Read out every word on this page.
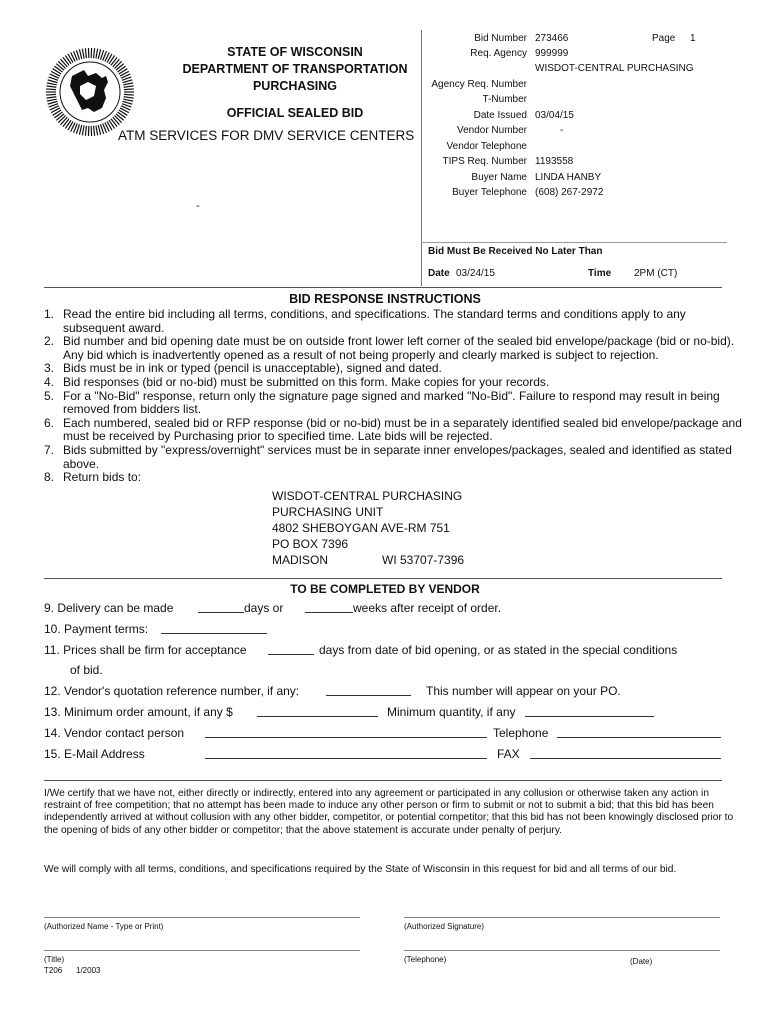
STATE OF WISCONSIN
DEPARTMENT OF TRANSPORTATION
PURCHASING
OFFICIAL SEALED BID
ATM SERVICES FOR DMV SERVICE CENTERS
-
Bid Number 273466	Page 1
Req. Agency 999999
WISDOT-CENTRAL PURCHASING
Agency Req. Number
T-Number
Date Issued 03/04/15
Vendor Number	-
Vendor Telephone
TIPS Req. Number 1193558
Buyer Name LINDA HANBY
Buyer Telephone (608) 267-2972
Bid Must Be Received No Later Than
Date 03/24/15	Time 2PM (CT)
BID RESPONSE INSTRUCTIONS
1. Read the entire bid including all terms, conditions, and specifications. The standard terms and conditions apply to any subsequent award.
2. Bid number and bid opening date must be on outside front lower left corner of the sealed bid envelope/package (bid or no-bid). Any bid which is inadvertently opened as a result of not being properly and clearly marked is subject to rejection.
3. Bids must be in ink or typed (pencil is unacceptable), signed and dated.
4. Bid responses (bid or no-bid) must be submitted on this form. Make copies for your records.
5. For a "No-Bid" response, return only the signature page signed and marked "No-Bid". Failure to respond may result in being removed from bidders list.
6. Each numbered, sealed bid or RFP response (bid or no-bid) must be in a separately identified sealed bid envelope/package and must be received by Purchasing prior to specified time. Late bids will be rejected.
7. Bids submitted by "express/overnight" services must be in separate inner envelopes/packages, sealed and identified as stated above.
8. Return bids to:
WISDOT-CENTRAL PURCHASING
PURCHASING UNIT
4802 SHEBOYGAN AVE-RM 751
PO BOX 7396
MADISON	WI 53707-7396
TO BE COMPLETED BY VENDOR
9. Delivery can be made	days or	weeks after receipt of order.
10. Payment terms:
11. Prices shall be firm for acceptance	days from date of bid opening, or as stated in the special conditions
of bid.
12. Vendor's quotation reference number, if any:	This number will appear on your PO.
13. Minimum order amount, if any $	Minimum quantity, if any
14. Vendor contact person	Telephone
15. E-Mail Address	FAX
I/We certify that we have not, either directly or indirectly, entered into any agreement or participated in any collusion or otherwise taken any action in restraint of free competition; that no attempt has been made to induce any other person or firm to submit or not to submit a bid; that this bid has been independently arrived at without collusion with any other bidder, competitor, or potential competitor; that this bid has not been knowingly disclosed prior to the opening of bids of any other bidder or competitor; that the above statement is accurate under penalty of perjury.
We will comply with all terms, conditions, and specifications required by the State of Wisconsin in this request for bid and all terms of our bid.
(Authorized Name - Type or Print)	(Authorized Signature)
(Title)	(Telephone)	(Date)
T206 1/2003
